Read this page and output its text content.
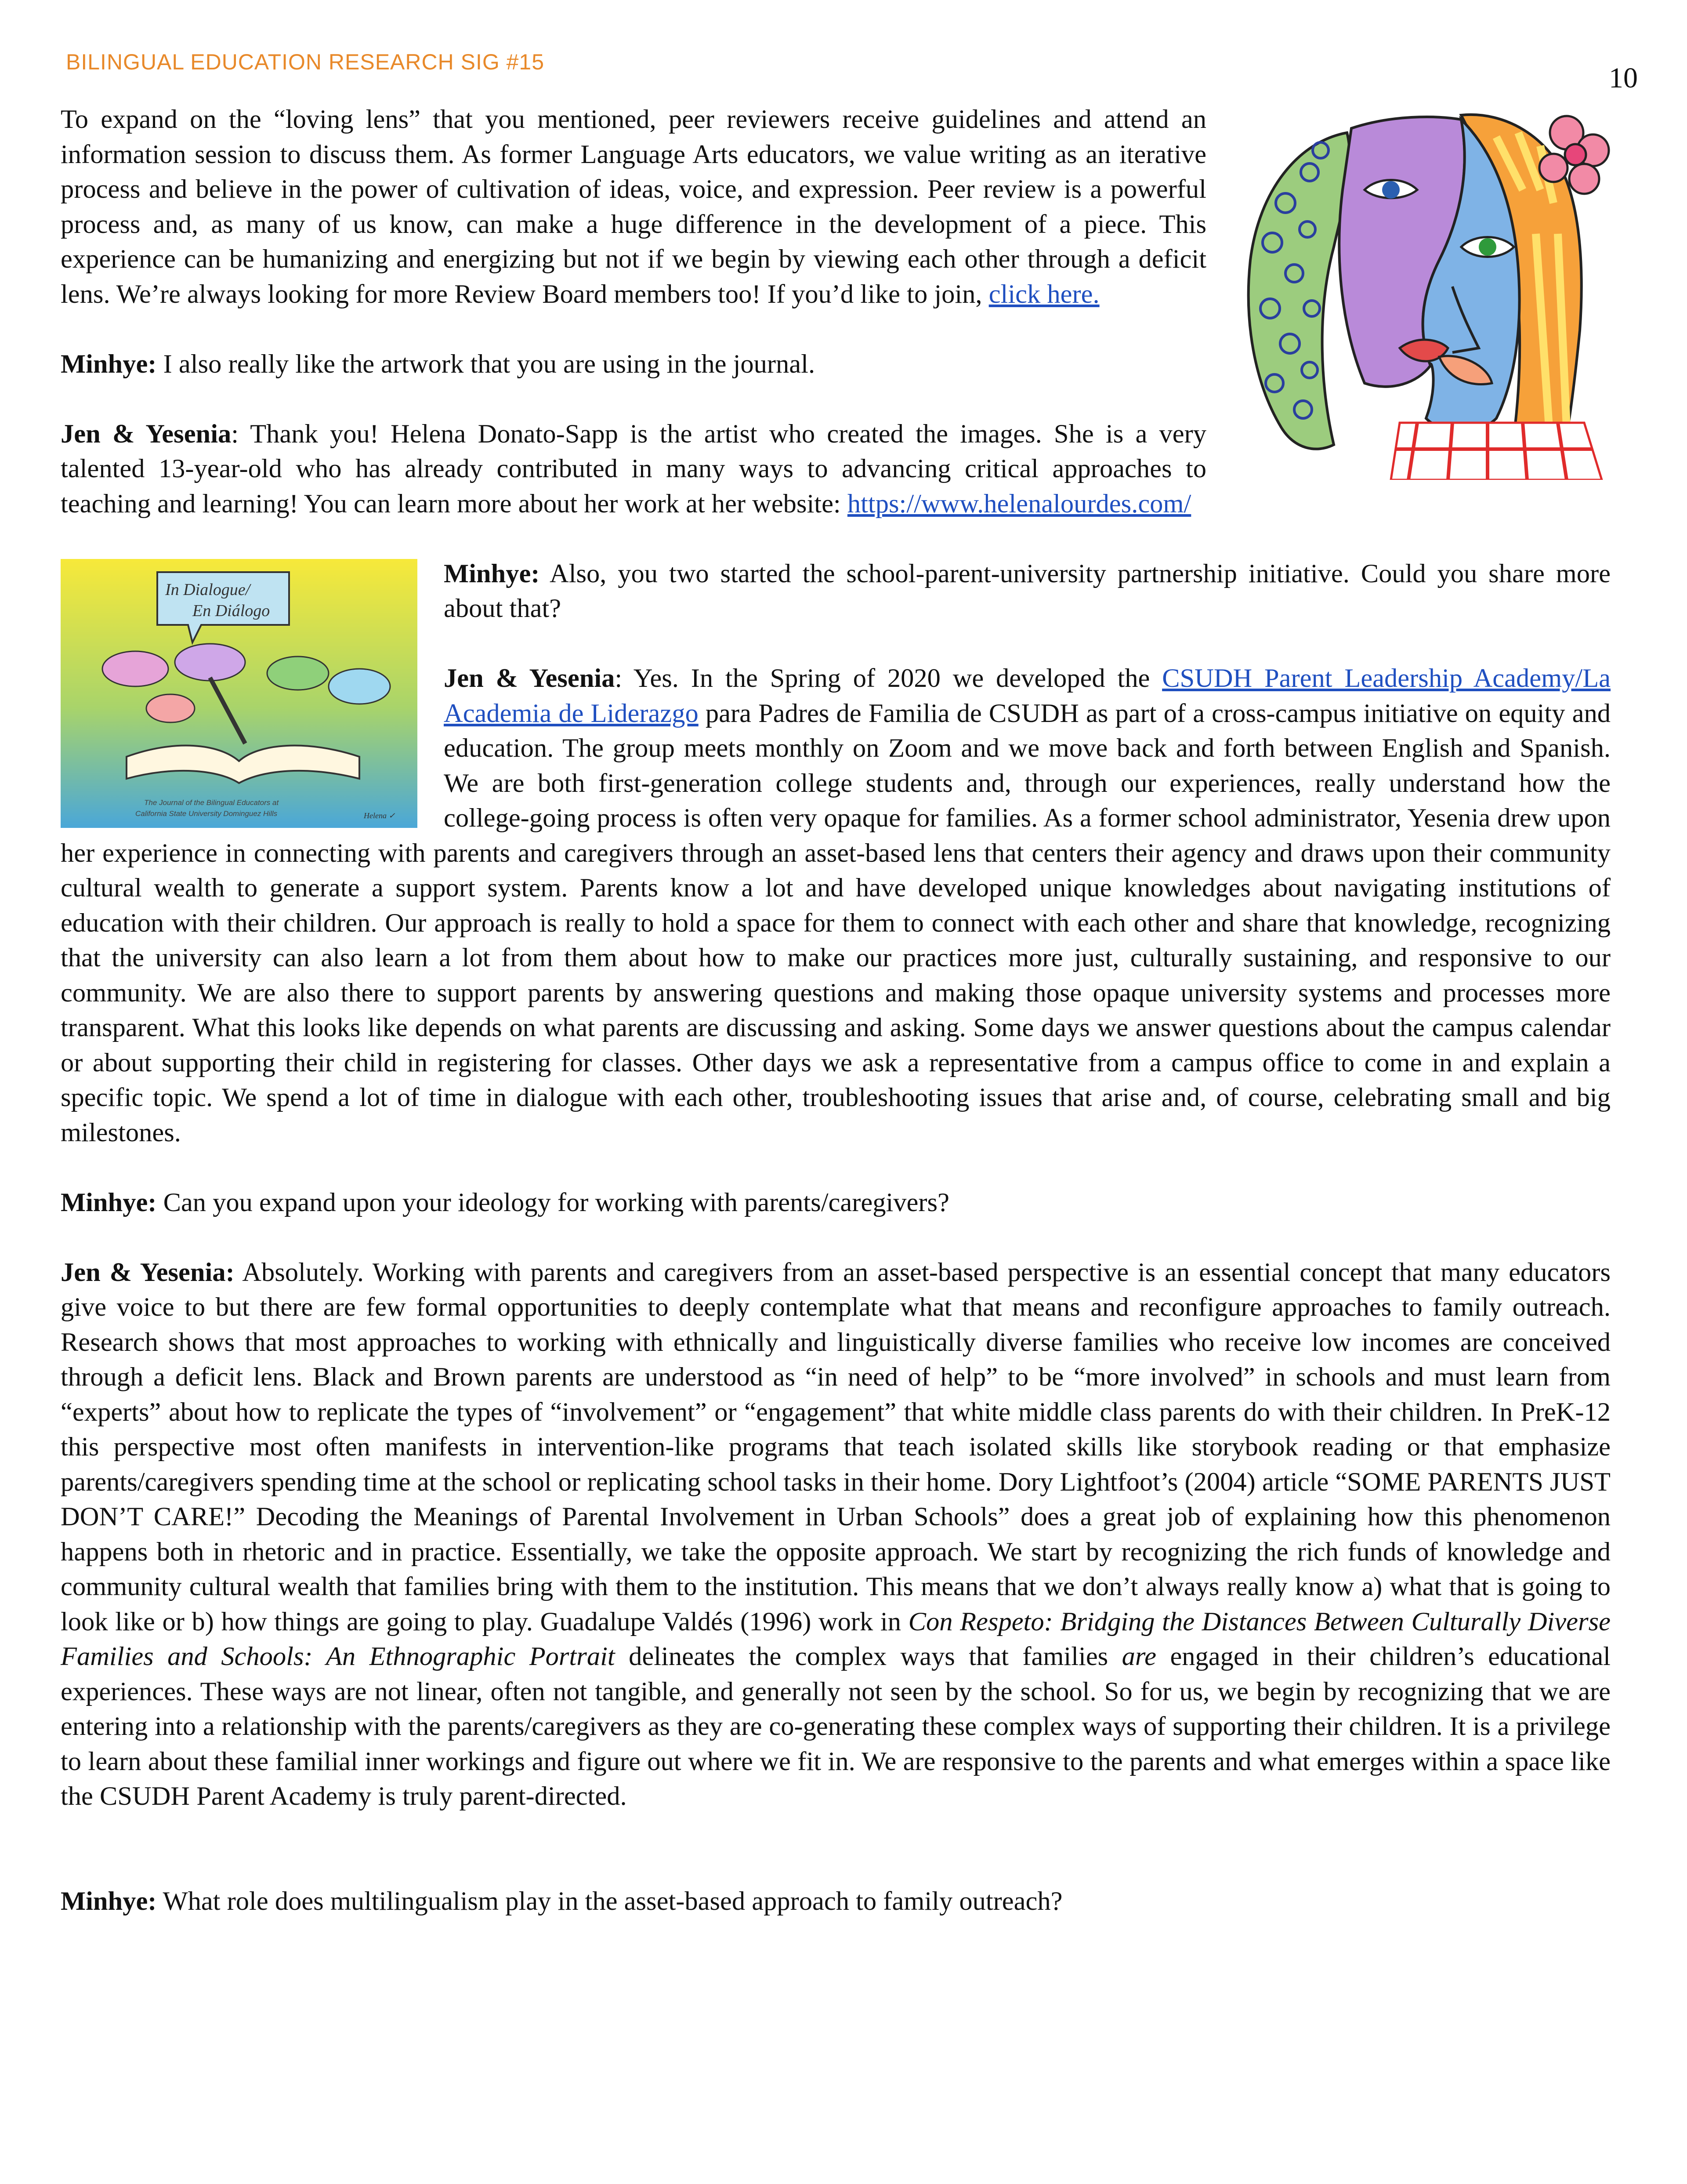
BILINGUAL EDUCATION RESEARCH SIG #15	10

To expand on the “loving lens” that you mentioned, peer reviewers receive guidelines and attend an information session to discuss them. As former Language Arts educators, we value writing as an iterative process and believe in the power of cultivation of ideas, voice, and expression. Peer review is a powerful process and, as many of us know, can make a huge difference in the development of a piece. This experience can be humanizing and energizing but not if we begin by viewing each other through a deficit lens. We’re always looking for more Review Board members too! If you’d like to join, click here.

Minhye: I also really like the artwork that you are using in the journal.

Jen & Yesenia: Thank you! Helena Donato-Sapp is the artist who created the images. She is a very talented 13-year-old who has already contributed in many ways to advancing critical approaches to teaching and learning! You can learn more about her work at her website: https://www.helenalourdes.com/

In Dialogue/
En Diálogo
The Journal of the Bilingual Educators at
California State University Dominguez Hills	Helena ✓

Minhye: Also, you two started the school-parent-university partnership initiative. Could you share more about that?

Jen & Yesenia: Yes. In the Spring of 2020 we developed the CSUDH Parent Leadership Academy/La Academia de Liderazgo para Padres de Familia de CSUDH as part of a cross-campus initiative on equity and education. The group meets monthly on Zoom and we move back and forth between English and Spanish. We are both first-generation college students and, through our experiences, really understand how the college-going process is often very opaque for families. As a former school administrator, Yesenia drew upon her experience in connecting with parents and caregivers through an asset-based lens that centers their agency and draws upon their community cultural wealth to generate a support system. Parents know a lot and have developed unique knowledges about navigating institutions of education with their children. Our approach is really to hold a space for them to connect with each other and share that knowledge, recognizing that the university can also learn a lot from them about how to make our practices more just, culturally sustaining, and responsive to our community. We are also there to support parents by answering questions and making those opaque university systems and processes more transparent. What this looks like depends on what parents are discussing and asking. Some days we answer questions about the campus calendar or about supporting their child in registering for classes. Other days we ask a representative from a campus office to come in and explain a specific topic. We spend a lot of time in dialogue with each other, troubleshooting issues that arise and, of course, celebrating small and big milestones.

Minhye: Can you expand upon your ideology for working with parents/caregivers?

Jen & Yesenia: Absolutely. Working with parents and caregivers from an asset-based perspective is an essential concept that many educators give voice to but there are few formal opportunities to deeply contemplate what that means and reconfigure approaches to family outreach. Research shows that most approaches to working with ethnically and linguistically diverse families who receive low incomes are conceived through a deficit lens. Black and Brown parents are understood as “in need of help” to be “more involved” in schools and must learn from “experts” about how to replicate the types of “involvement” or “engagement” that white middle class parents do with their children. In PreK-12 this perspective most often manifests in intervention-like programs that teach isolated skills like storybook reading or that emphasize parents/caregivers spending time at the school or replicating school tasks in their home. Dory Lightfoot’s (2004) article “SOME PARENTS JUST DON’T CARE!” Decoding the Meanings of Parental Involvement in Urban Schools” does a great job of explaining how this phenomenon happens both in rhetoric and in practice. Essentially, we take the opposite approach. We start by recognizing the rich funds of knowledge and community cultural wealth that families bring with them to the institution. This means that we don’t always really know a) what that is going to look like or b) how things are going to play. Guadalupe Valdés (1996) work in Con Respeto: Bridging the Distances Between Culturally Diverse Families and Schools: An Ethnographic Portrait delineates the complex ways that families are engaged in their children’s educational experiences. These ways are not linear, often not tangible, and generally not seen by the school. So for us, we begin by recognizing that we are entering into a relationship with the parents/caregivers as they are co-generating these complex ways of supporting their children. It is a privilege to learn about these familial inner workings and figure out where we fit in. We are responsive to the parents and what emerges within a space like the CSUDH Parent Academy is truly parent-directed.

Minhye: What role does multilingualism play in the asset-based approach to family outreach?
